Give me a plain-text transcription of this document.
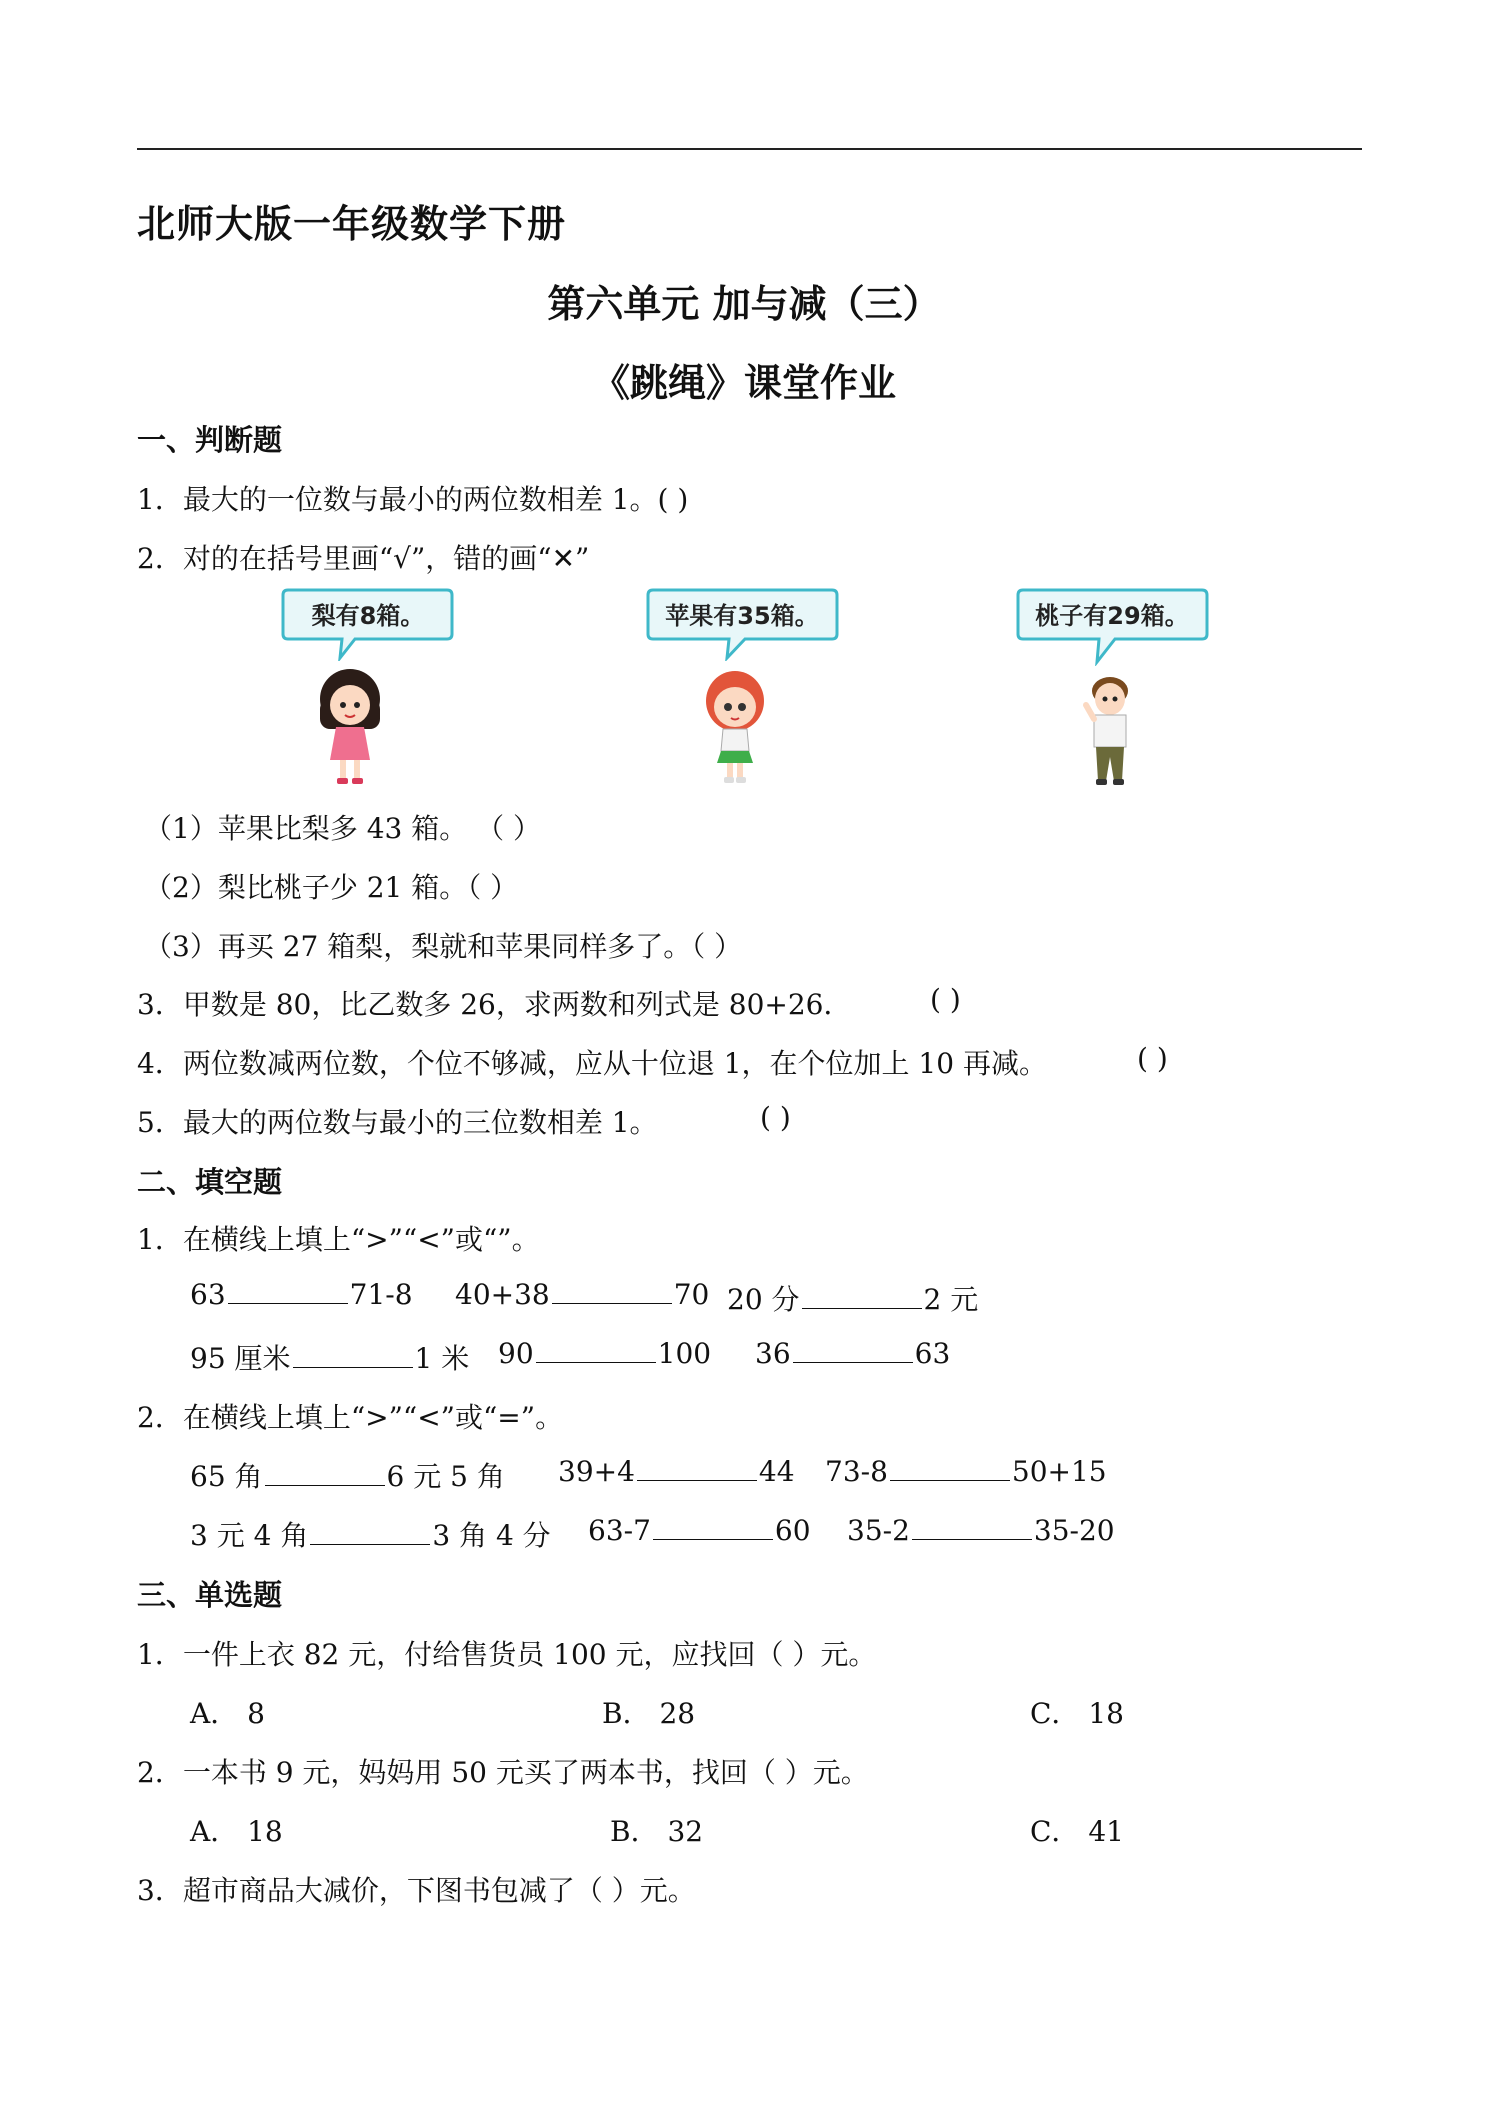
北师大版一年级数学下册
第六单元 加与减（三）
《跳绳》课堂作业
一、判断题
1．最大的一位数与最小的两位数相差 1。( )
2．对的在括号里画“√”，错的画“✕”
梨有8箱。	苹果有35箱。	桃子有29箱。
（1）苹果比梨多 43 箱。 （ ）
（2）梨比桃子少 21 箱。（ ）
（3）再买 27 箱梨，梨就和苹果同样多了。（ ）
3．甲数是 80，比乙数多 26，求两数和列式是 80+26．	( )
4．两位数减两位数，个位不够减，应从十位退 1，在个位加上 10 再减。	( )
5．最大的两位数与最小的三位数相差 1。	( )
二、填空题
1．在横线上填上“>”“<”或“”。
63	71-8 40+38	70 20 分	2 元
95 厘米	1 米 90	100 36	63
2．在横线上填上“>”“<”或“=”。
65 角	6 元 5 角 39+4	44 73-8	50+15
3 元 4 角	3 角 4 分 63-7	60 35-2	35-20
三、单选题
1．一件上衣 82 元，付给售货员 100 元，应找回（ ）元。
A． 8	B． 28	C． 18
2．一本书 9 元，妈妈用 50 元买了两本书，找回（ ）元。
A． 18	B． 32	C． 41
3．超市商品大减价，下图书包减了（ ）元。
